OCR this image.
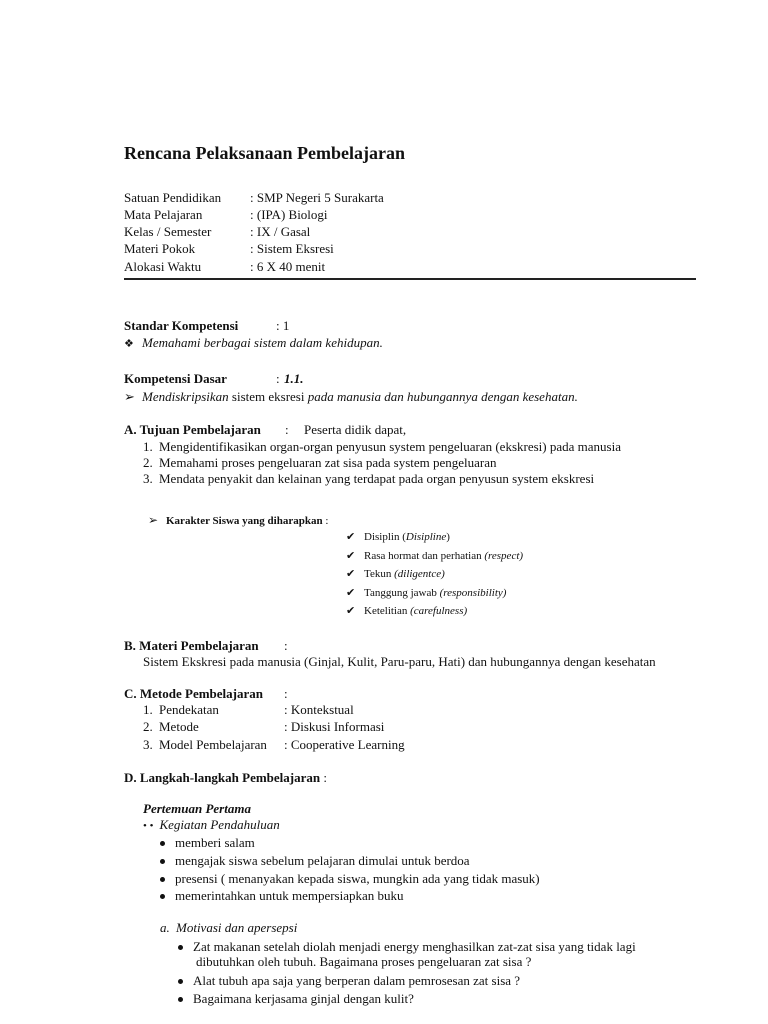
Rencana Pelaksanaan Pembelajaran
Satuan Pendidikan : SMP Negeri 5 Surakarta
Mata Pelajaran	: (IPA) Biologi
Kelas / Semester	: IX / Gasal
Materi Pokok	: Sistem Eksresi
Alokasi Waktu	: 6 X 40 menit
Standar Kompetensi	: 1
❖ Memahami berbagai sistem dalam kehidupan.
Kompetensi Dasar	: 1.1.
➢ Mendiskripsikan sistem eksresi pada manusia dan hubungannya dengan kesehatan.
A. Tujuan Pembelajaran : Peserta didik dapat,
1. Mengidentifikasikan organ-organ penyusun system pengeluaran (ekskresi) pada manusia
2. Memahami proses pengeluaran zat sisa pada system pengeluaran
3. Mendata penyakit dan kelainan yang terdapat pada organ penyusun system ekskresi
➢ Karakter Siswa yang diharapkan :
✔ Disiplin (Disipline)
✔ Rasa hormat dan perhatian (respect)
✔ Tekun (diligentce)
✔ Tanggung jawab (responsibility)
✔ Ketelitian (carefulness)
B. Materi Pembelajaran :
Sistem Ekskresi pada manusia (Ginjal, Kulit, Paru-paru, Hati) dan hubungannya dengan kesehatan
C. Metode Pembelajaran :
1. Pendekatan	: Kontekstual
2. Metode	: Diskusi Informasi
3. Model Pembelajaran : Cooperative Learning
D. Langkah-langkah Pembelajaran :
Pertemuan Pertama
• • Kegiatan Pendahuluan
memberi salam
mengajak siswa sebelum pelajaran dimulai untuk berdoa
presensi ( menanyakan kepada siswa, mungkin ada yang tidak masuk)
memerintahkan untuk mempersiapkan buku
a. Motivasi dan apersepsi
Zat makanan setelah diolah menjadi energy menghasilkan zat-zat sisa yang tidak lagi
dibutuhkan oleh tubuh. Bagaimana proses pengeluaran zat sisa ?
Alat tubuh apa saja yang berperan dalam pemrosesan zat sisa ?
Bagaimana kerjasama ginjal dengan kulit?
